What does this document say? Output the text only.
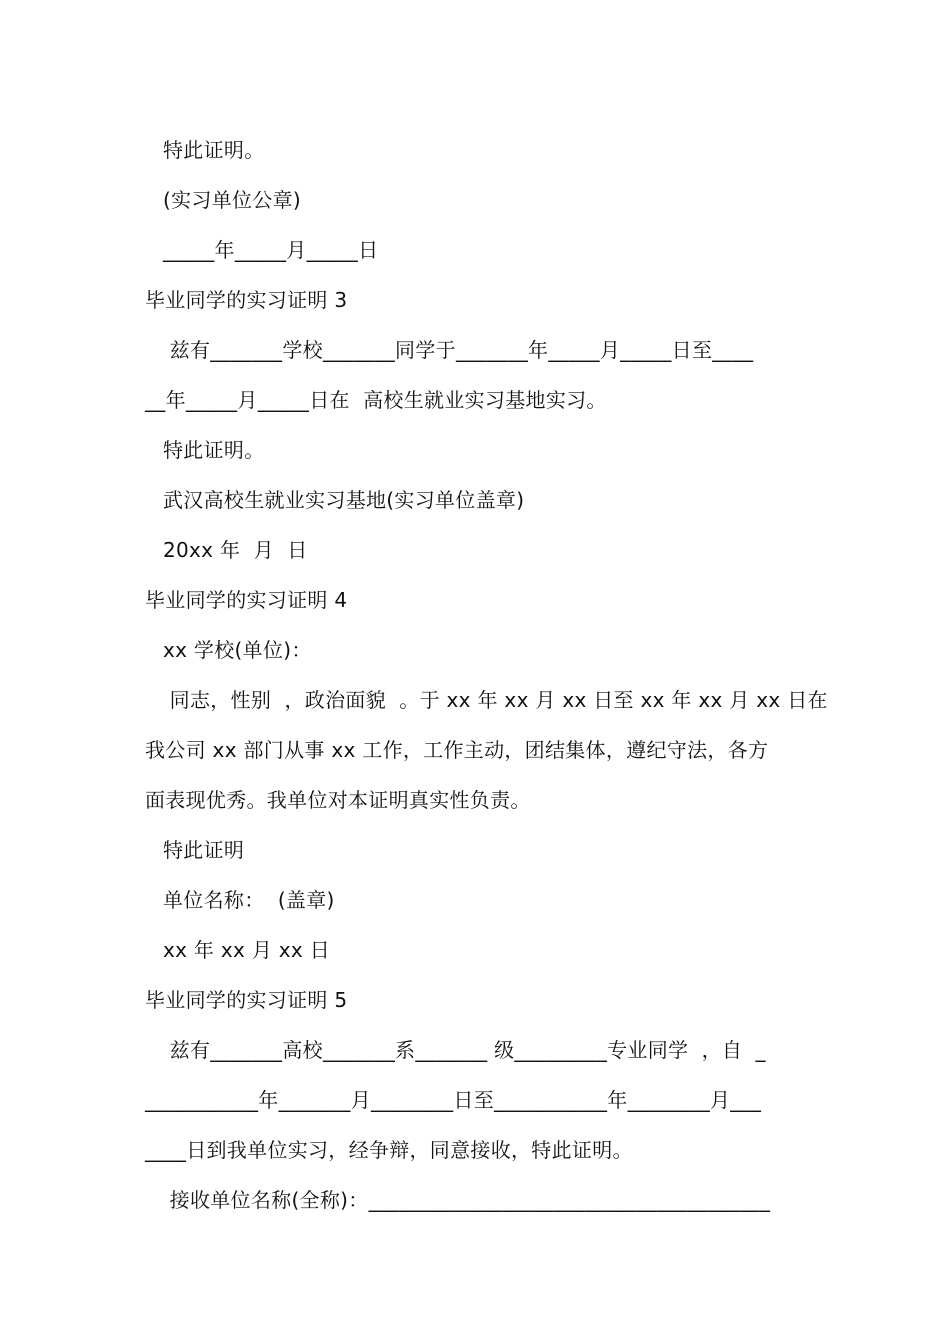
特此证明。
(实习单位公章)
_____年_____月_____日
毕业同学的实习证明 3
兹有_______学校_______同学于_______年_____月_____日至____
__年_____月_____日在  高校生就业实习基地实习。
特此证明。
武汉高校生就业实习基地(实习单位盖章)
20xx 年  月  日
毕业同学的实习证明 4
xx 学校(单位)：
同志，性别  ，政治面貌  。于 xx 年 xx 月 xx 日至 xx 年 xx 月 xx 日在
我公司 xx 部门从事 xx 工作，工作主动，团结集体，遵纪守法，各方
面表现优秀。我单位对本证明真实性负责。
特此证明
单位名称：  (盖章)
xx 年 xx 月 xx 日
毕业同学的实习证明 5
兹有_______高校_______系_______ 级_________专业同学  ，自  _
___________年_______月________日至___________年________月___
____日到我单位实习，经争辩，同意接收，特此证明。
接收单位名称(全称)：_______________________________________
